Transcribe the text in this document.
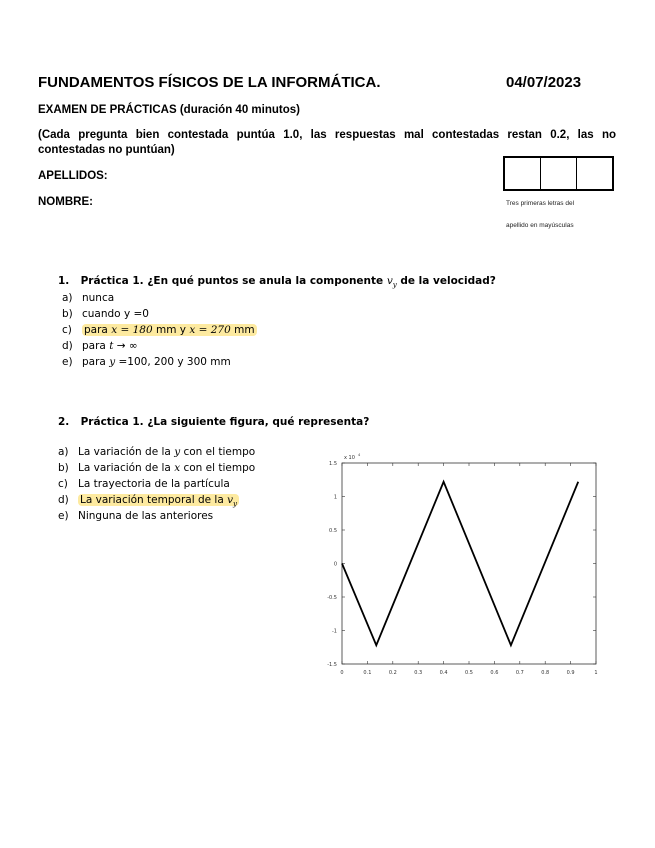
FUNDAMENTOS FÍSICOS DE LA INFORMÁTICA.	04/07/2023
EXAMEN DE PRÁCTICAS (duración 40 minutos)
(Cada pregunta bien contestada puntúa 1.0, las respuestas mal contestadas restan 0.2, las no contestadas no puntúan)
APELLIDOS:
NOMBRE:	Tres primeras letras del
apellido en mayúsculas
1. Práctica 1. ¿En qué puntos se anula la componente $v_y$ de la velocidad?
a) nunca
b) cuando y =0
c) para x = 180 mm y x = 270 mm
d) para t → ∞
e) para y =100, 200 y 300 mm
2. Práctica 1. ¿La siguiente figura, qué representa?
a) La variación de la y con el tiempo
b) La variación de la x con el tiempo
c) La trayectoria de la partícula
d) La variación temporal de la $v_y$
e) Ninguna de las anteriores
0	0.1	0.2	0.3	0.4	0.5	0.6	0.7	0.8	0.9	1
-1.5
-1
-0.5
0
0.5
1
1.5
x 10 4
